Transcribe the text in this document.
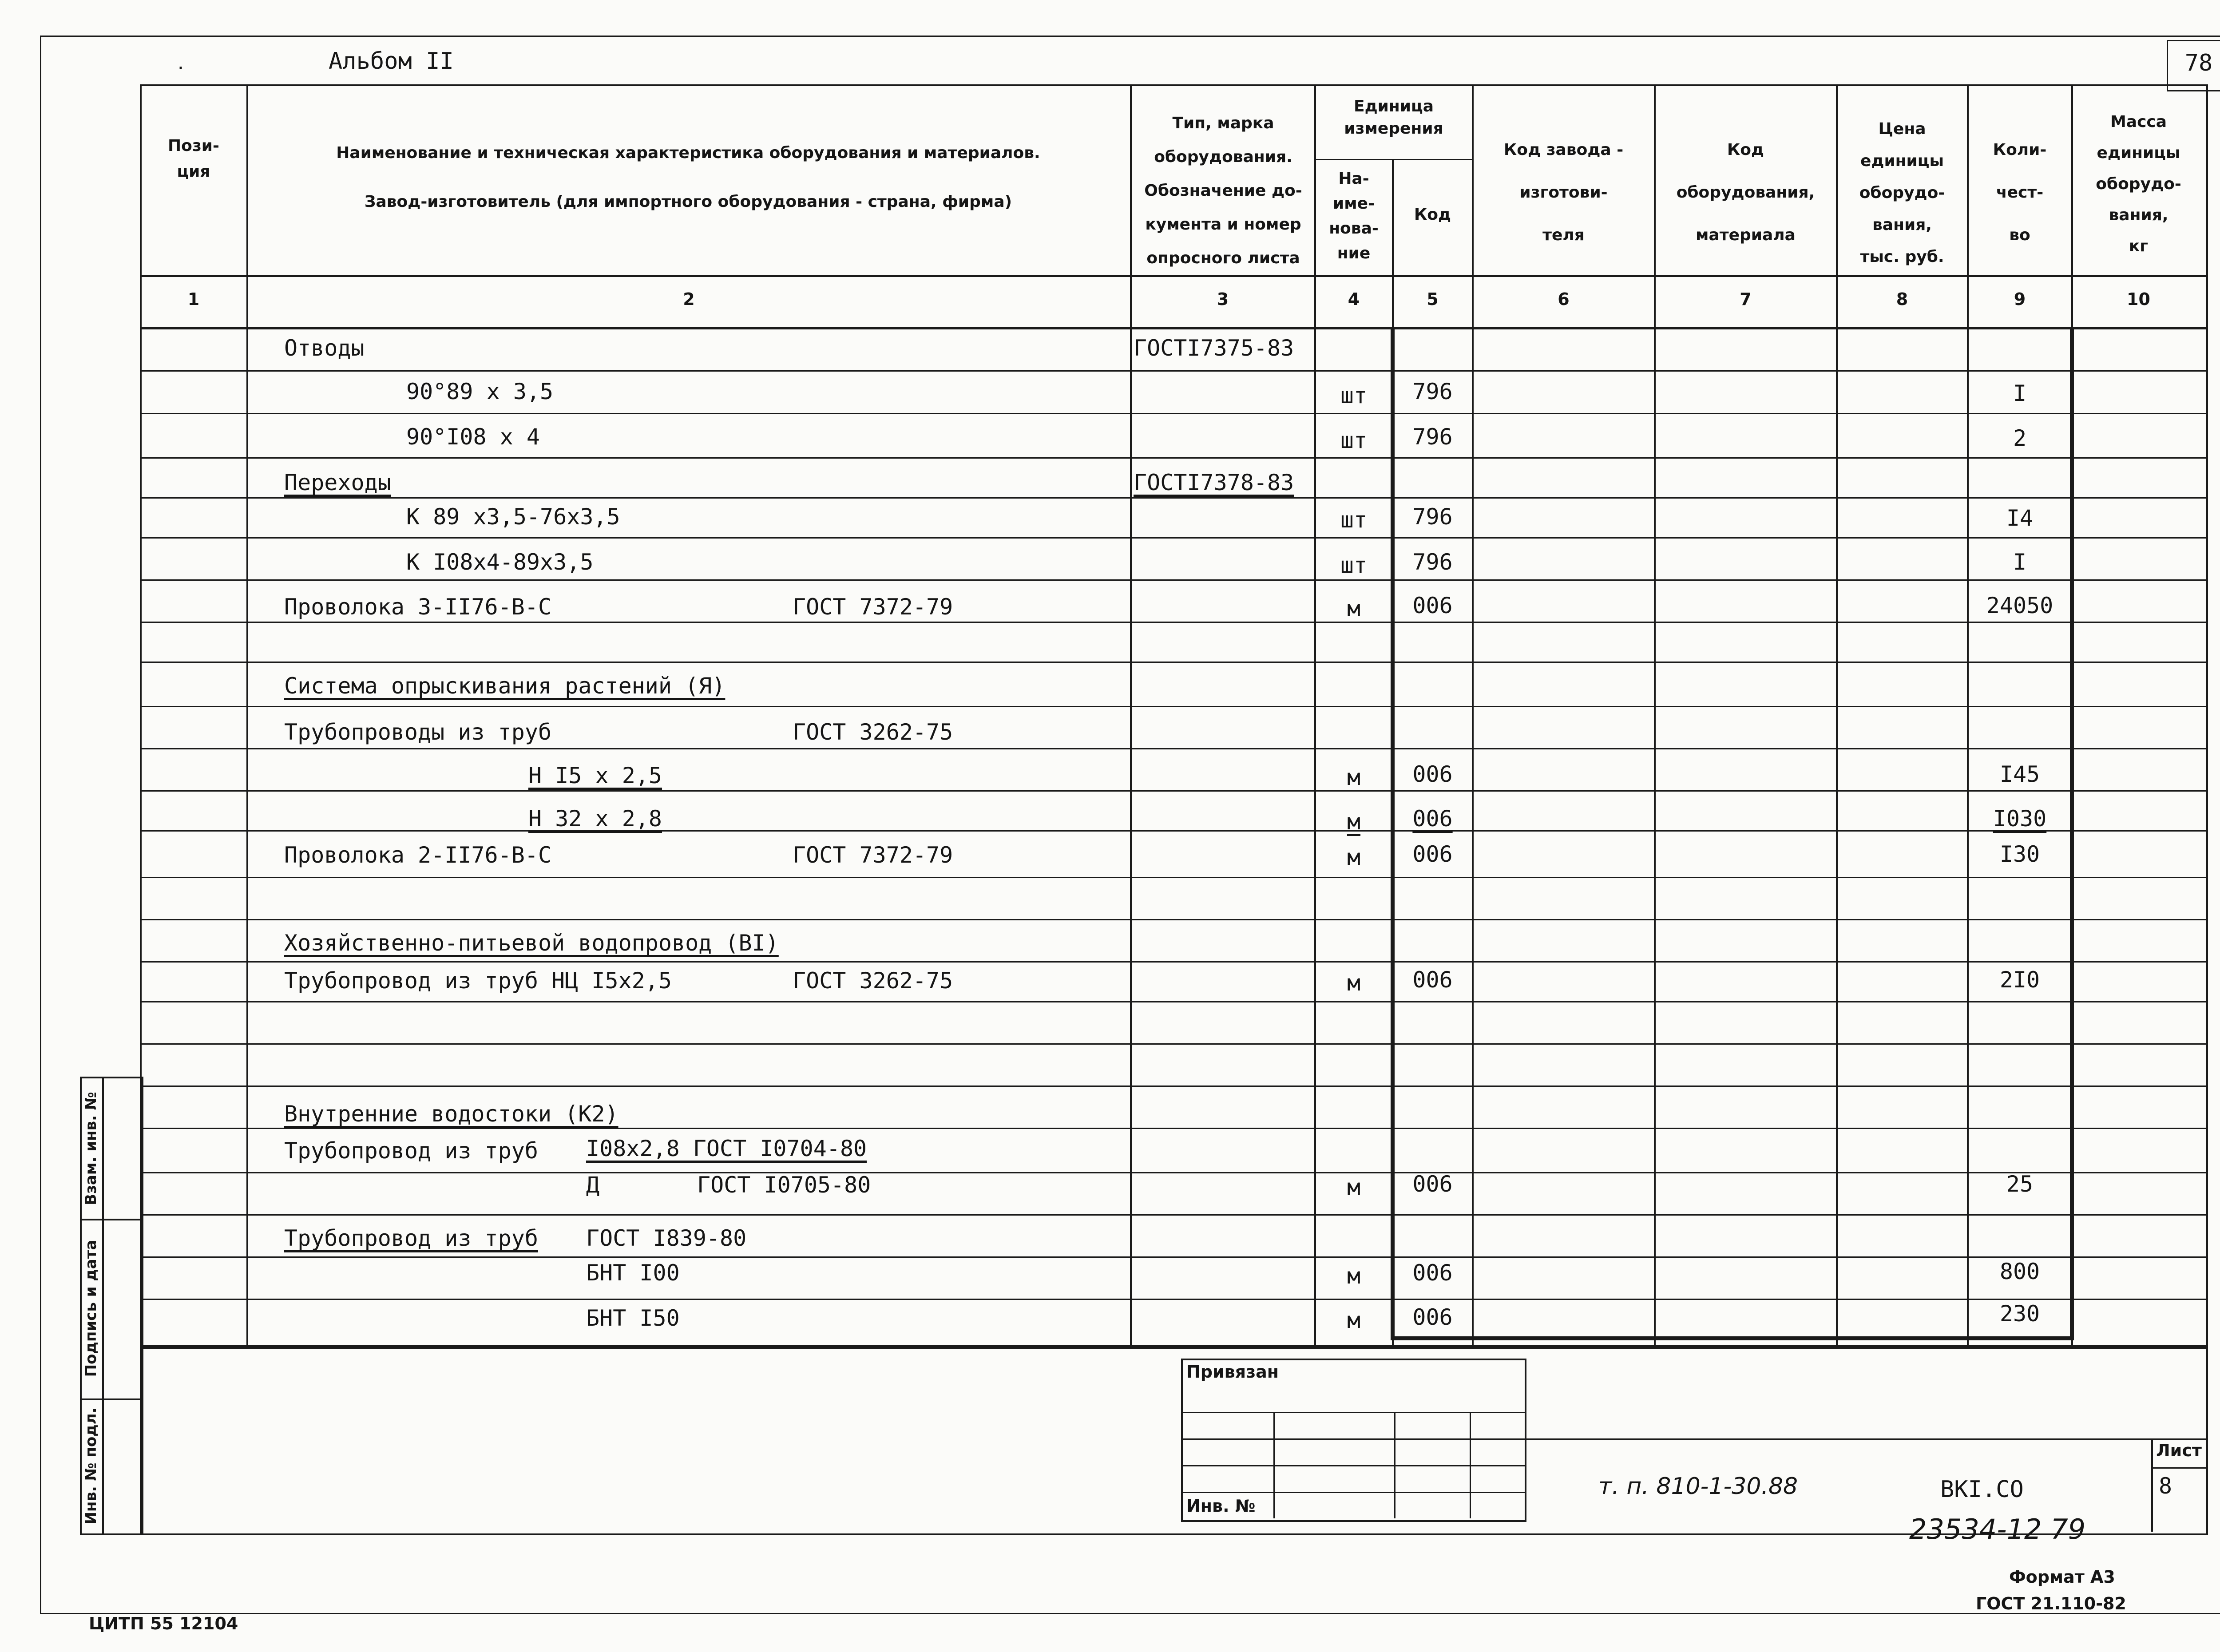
.	Альбом II	78
Пози-
ция
Наименование и техническая характеристика оборудования и материалов.
Завод-изготовитель (для импортного оборудования - страна, фирма)
Тип, марка
оборудования.
Обозначение до-
кумента и номер
опросного листа
Единица
измерения
На-
име-
нова-
ние
Код
Код завода -
изготови-
теля
Код
оборудования,
материала
Цена
единицы
оборудо-
вания,
тыс. руб.
Коли-
чест-
во
Масса
единицы
оборудо-
вания,
кг
1	2	3	4	5	6	7	8	9	10
Отводы	ГОСТI7375-83
90°89 х 3,5	шт	796	I
90°I08 х 4	шт	796	2
Переходы	ГОСТI7378-83
К 89 х3,5-76х3,5	шт	796	I4
К I08х4-89х3,5	шт	796	I
Проволока 3-II76-В-С	ГОСТ 7372-79	м	006	24050
Система опрыскивания растений (Я)
Трубопроводы из труб	ГОСТ 3262-75
Н I5 х 2,5	м	006	I45
Н 32 х 2,8	м	006	I030
Проволока 2-II76-В-С	ГОСТ 7372-79	м	006	I30
Хозяйственно-питьевой водопровод (ВI)
Трубопровод из труб НЦ I5х2,5	ГОСТ 3262-75	м	006	2I0
Внутренние водостоки (К2)
Трубопровод из труб I08х2,8 ГОСТ I0704-80
Д	ГОСТ I0705-80	м	006	25
Трубопровод из труб ГОСТ I839-80
БНТ I00	м	006	800
БНТ I50	м	006	230
Взам. инв. №
Подпись и дата
Инв. № подл.
Привязан
Инв. №
Лист
8
т. п. 810-1-30.88	ВКI.СО
23534-12 79
Формат А3
ГОСТ 21.110-82
ЦИТП 55 12104
